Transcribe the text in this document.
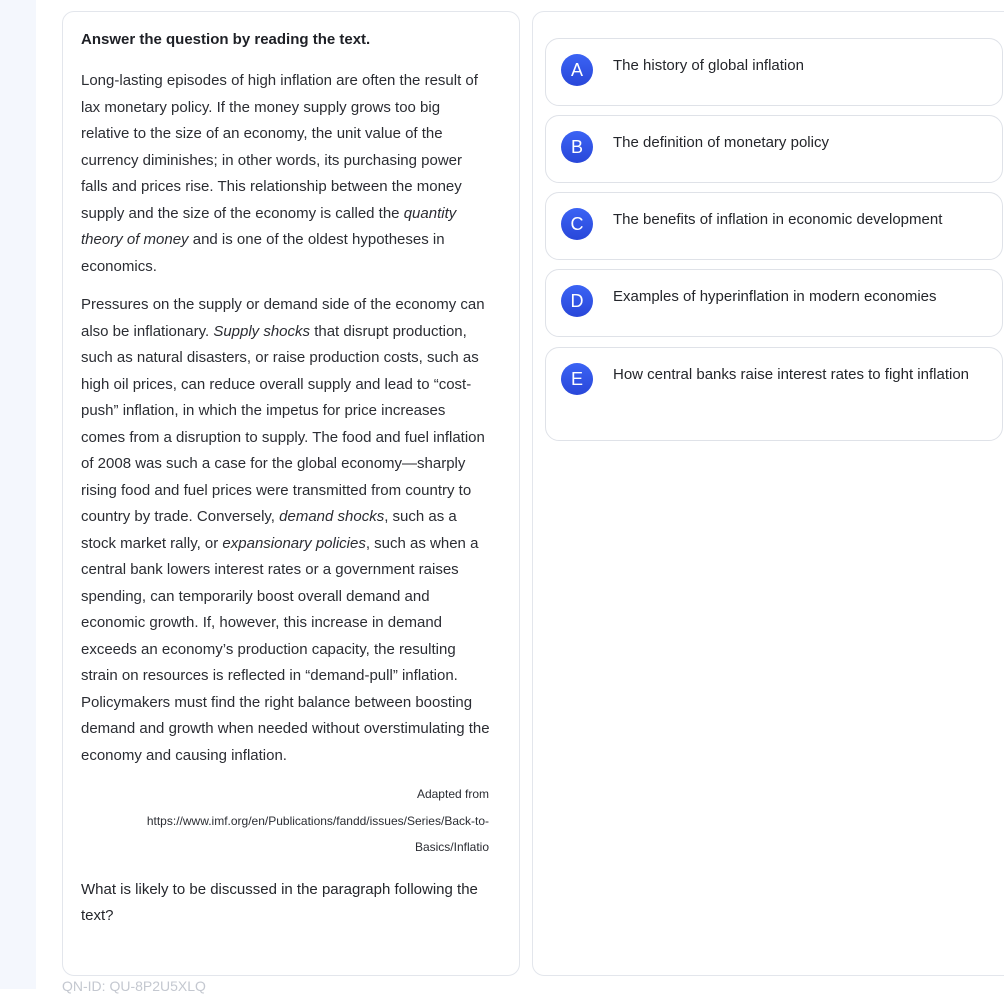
Answer the question by reading the text.

Long-lasting episodes of high inflation are often the result of lax monetary policy. If the money supply grows too big relative to the size of an economy, the unit value of the currency diminishes; in other words, its purchasing power falls and prices rise. This relationship between the money supply and the size of the economy is called the quantity theory of money and is one of the oldest hypotheses in economics.

Pressures on the supply or demand side of the economy can also be inflationary. Supply shocks that disrupt production, such as natural disasters, or raise production costs, such as high oil prices, can reduce overall supply and lead to “cost-push” inflation, in which the impetus for price increases comes from a disruption to supply. The food and fuel inflation of 2008 was such a case for the global economy—sharply rising food and fuel prices were transmitted from country to country by trade. Conversely, demand shocks, such as a stock market rally, or expansionary policies, such as when a central bank lowers interest rates or a government raises spending, can temporarily boost overall demand and economic growth. If, however, this increase in demand exceeds an economy’s production capacity, the resulting strain on resources is reflected in “demand-pull” inflation. Policymakers must find the right balance between boosting demand and growth when needed without overstimulating the economy and causing inflation.

Adapted from
https://www.imf.org/en/Publications/fandd/issues/Series/Back-to-
Basics/Inflatio

What is likely to be discussed in the paragraph following the text?

QN-ID: QU-8P2U5XLQ
A	The history of global inflation
B	The definition of monetary policy
C	The benefits of inflation in economic development
D	Examples of hyperinflation in modern economies
E	How central banks raise interest rates to fight inflation
